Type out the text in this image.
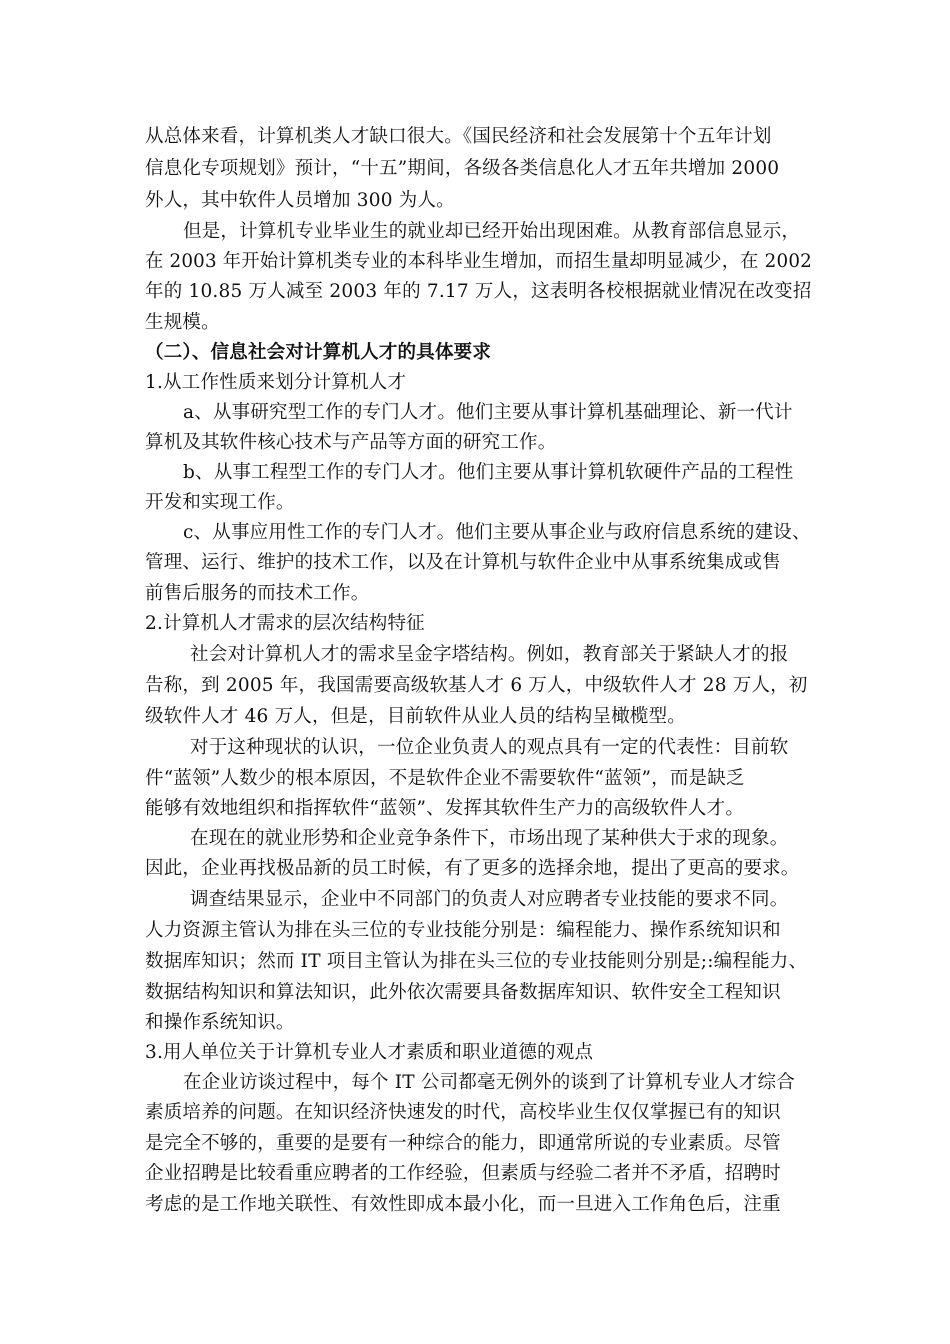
从总体来看，计算机类人才缺口很大。《国民经济和社会发展第十个五年计划
信息化专项规划》预计，“十五”期间，各级各类信息化人才五年共增加 2000
外人，其中软件人员增加 300 为人。
但是，计算机专业毕业生的就业却已经开始出现困难。从教育部信息显示，
在 2003 年开始计算机类专业的本科毕业生增加，而招生量却明显减少，在 2002
年的 10.85 万人减至 2003 年的 7.17 万人，这表明各校根据就业情况在改变招
生规模。
（二）、信息社会对计算机人才的具体要求
1.从工作性质来划分计算机人才
a、从事研究型工作的专门人才。他们主要从事计算机基础理论、新一代计
算机及其软件核心技术与产品等方面的研究工作。
b、从事工程型工作的专门人才。他们主要从事计算机软硬件产品的工程性
开发和实现工作。
c、从事应用性工作的专门人才。他们主要从事企业与政府信息系统的建设、
管理、运行、维护的技术工作，以及在计算机与软件企业中从事系统集成或售
前售后服务的而技术工作。
2.计算机人才需求的层次结构特征
社会对计算机人才的需求呈金字塔结构。例如，教育部关于紧缺人才的报
告称，到 2005 年，我国需要高级软基人才 6 万人，中级软件人才 28 万人，初
级软件人才 46 万人，但是，目前软件从业人员的结构呈橄榄型。
对于这种现状的认识，一位企业负责人的观点具有一定的代表性：目前软
件“蓝领”人数少的根本原因，不是软件企业不需要软件“蓝领”，而是缺乏
能够有效地组织和指挥软件“蓝领”、发挥其软件生产力的高级软件人才。
在现在的就业形势和企业竞争条件下，市场出现了某种供大于求的现象。
因此，企业再找极品新的员工时候，有了更多的选择余地，提出了更高的要求。
调查结果显示，企业中不同部门的负责人对应聘者专业技能的要求不同。
人力资源主管认为排在头三位的专业技能分别是：编程能力、操作系统知识和
数据库知识；然而 IT 项目主管认为排在头三位的专业技能则分别是;:编程能力、
数据结构知识和算法知识，此外依次需要具备数据库知识、软件安全工程知识
和操作系统知识。
3.用人单位关于计算机专业人才素质和职业道德的观点
在企业访谈过程中，每个 IT 公司都毫无例外的谈到了计算机专业人才综合
素质培养的问题。在知识经济快速发的时代，高校毕业生仅仅掌握已有的知识
是完全不够的，重要的是要有一种综合的能力，即通常所说的专业素质。尽管
企业招聘是比较看重应聘者的工作经验，但素质与经验二者并不矛盾，招聘时
考虑的是工作地关联性、有效性即成本最小化，而一旦进入工作角色后，注重
